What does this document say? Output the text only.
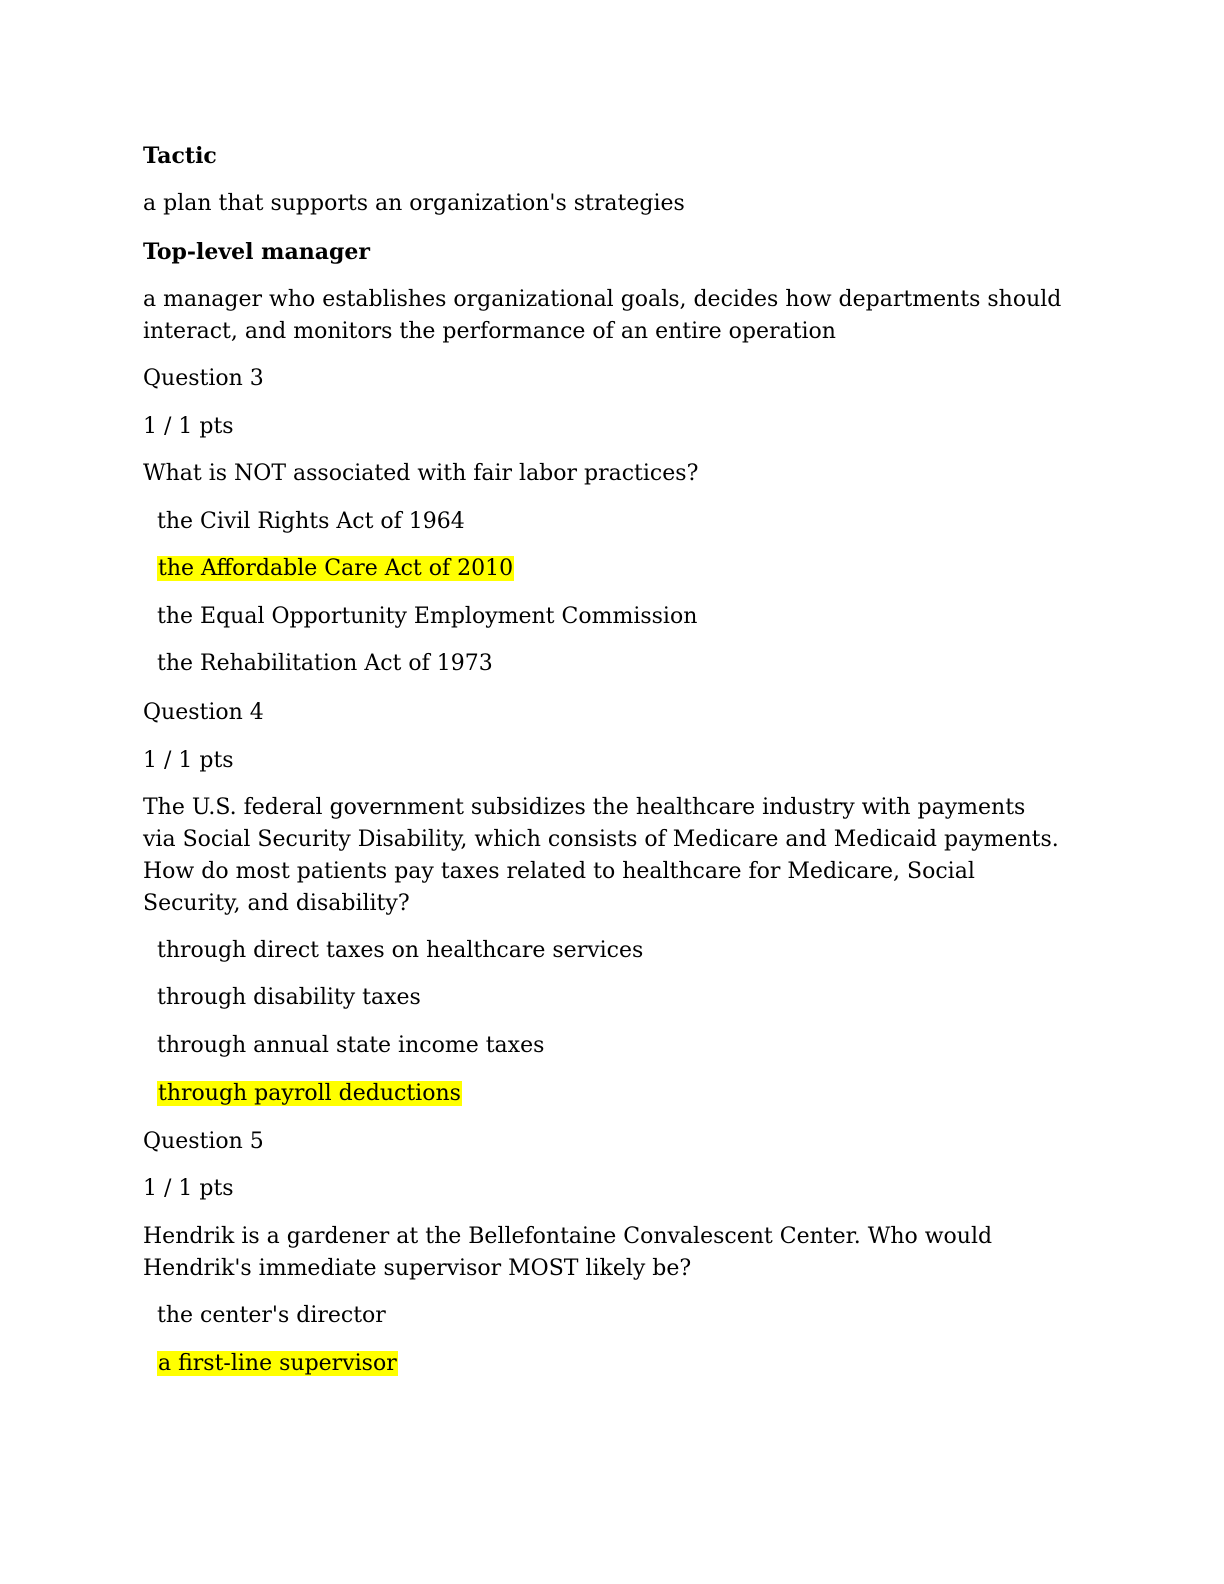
Tactic
a plan that supports an organization's strategies
Top-level manager
a manager who establishes organizational goals, decides how departments should interact, and monitors the performance of an entire operation
Question 3
1 / 1 pts
What is NOT associated with fair labor practices?
the Civil Rights Act of 1964
the Affordable Care Act of 2010
the Equal Opportunity Employment Commission
the Rehabilitation Act of 1973
Question 4
1 / 1 pts
The U.S. federal government subsidizes the healthcare industry with payments via Social Security Disability, which consists of Medicare and Medicaid payments. How do most patients pay taxes related to healthcare for Medicare, Social Security, and disability?
through direct taxes on healthcare services
through disability taxes
through annual state income taxes
through payroll deductions
Question 5
1 / 1 pts
Hendrik is a gardener at the Bellefontaine Convalescent Center. Who would Hendrik's immediate supervisor MOST likely be?
the center's director
a first-line supervisor
